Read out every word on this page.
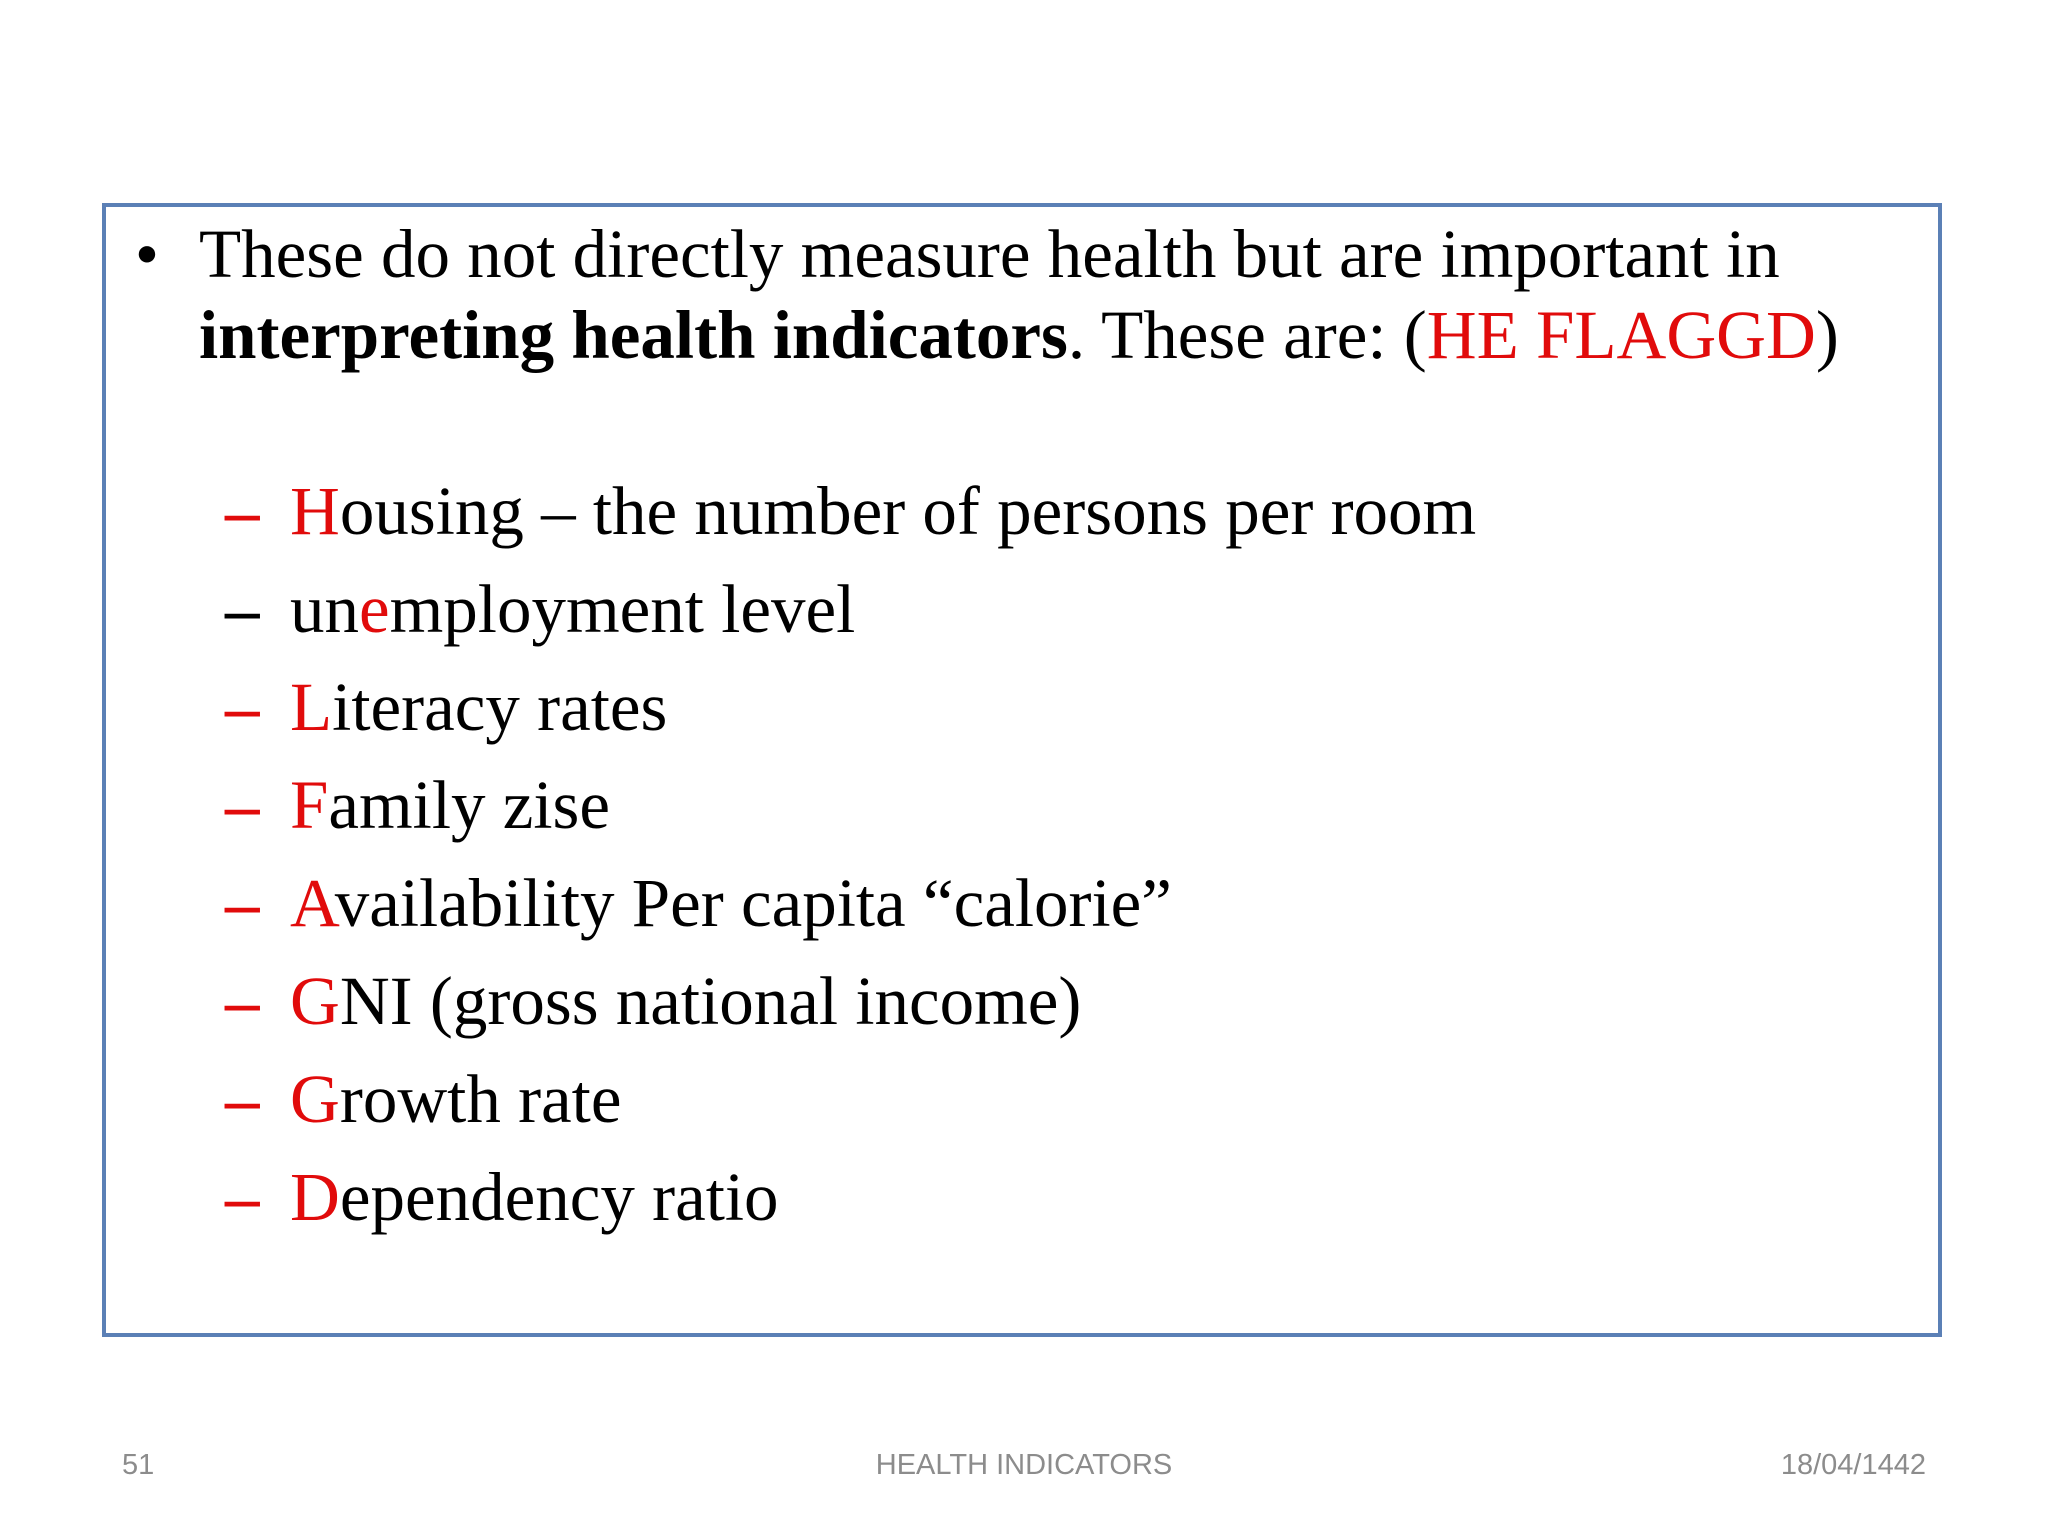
• These do not directly measure health but are important in interpreting health indicators. These are: (HE FLAGGD)
– Housing – the number of persons per room
– unemployment level
– Literacy rates
– Family zise
– Availability Per capita “calorie”
– GNI (gross national income)
– Growth rate
– Dependency ratio
51	HEALTH INDICATORS	18/04/1442
